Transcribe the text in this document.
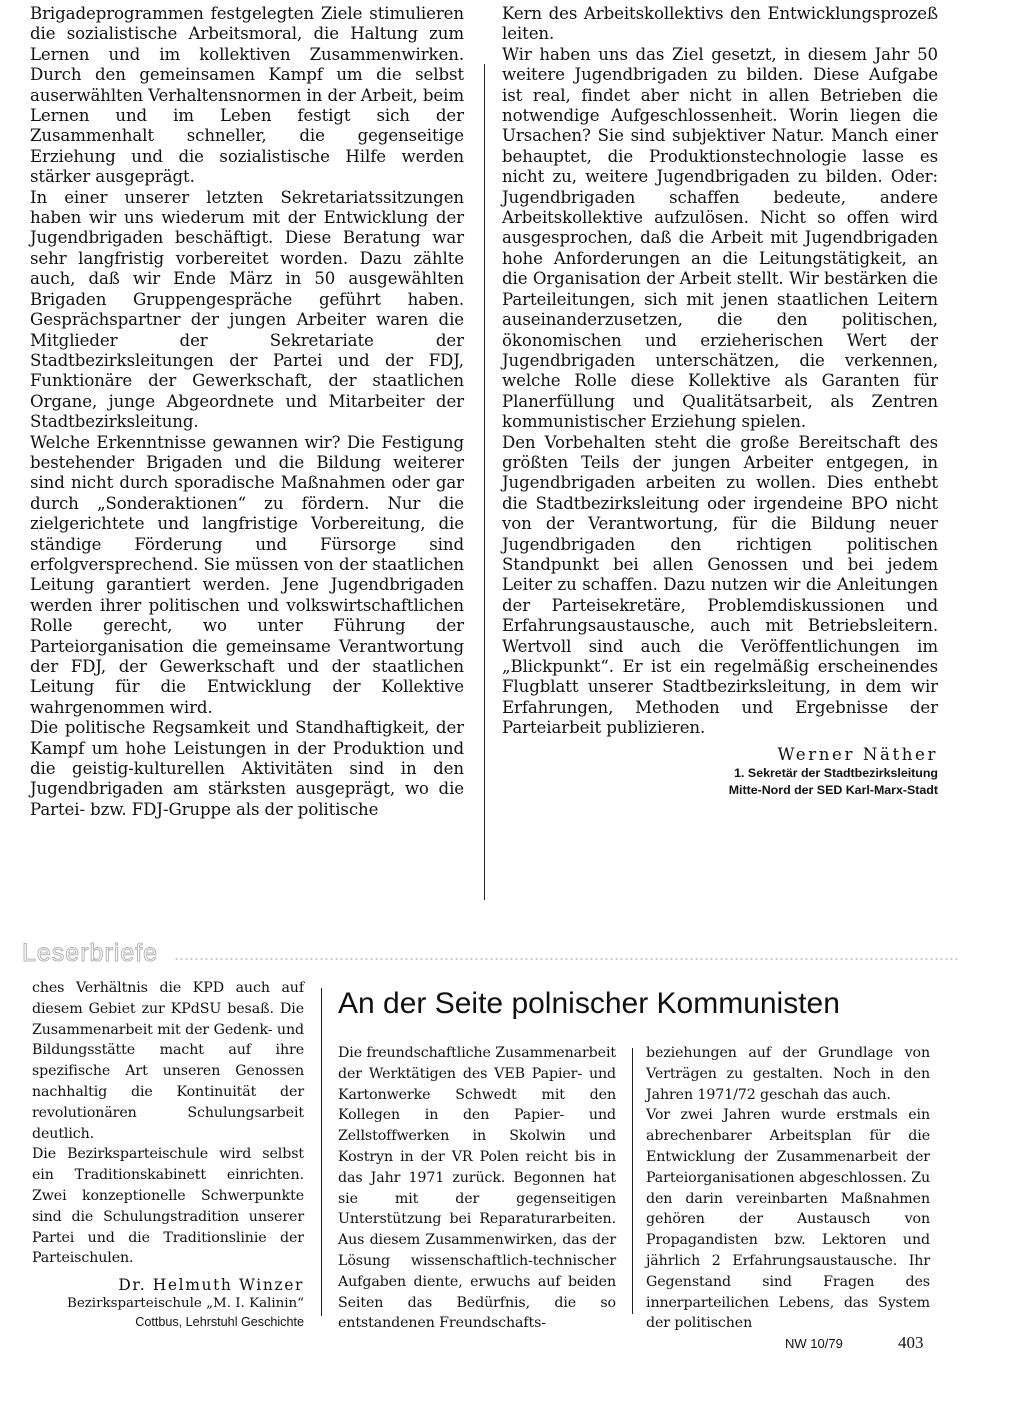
Brigadeprogrammen festgelegten Ziele stimulieren die sozialistische Arbeitsmoral, die Haltung zum Lernen und im kollektiven Zusammenwirken. Durch den gemeinsamen Kampf um die selbst auserwählten Verhaltensnormen in der Arbeit, beim Lernen und im Leben festigt sich der Zusammenhalt schneller, die gegenseitige Erziehung und die sozialistische Hilfe werden stärker ausgeprägt.

In einer unserer letzten Sekretariatssitzungen haben wir uns wiederum mit der Entwicklung der Jugendbrigaden beschäftigt. Diese Beratung war sehr langfristig vorbereitet worden. Dazu zählte auch, daß wir Ende März in 50 ausgewählten Brigaden Gruppengespräche geführt haben. Gesprächspartner der jungen Arbeiter waren die Mitglieder der Sekretariate der Stadtbezirksleitungen der Partei und der FDJ, Funktionäre der Gewerkschaft, der staatlichen Organe, junge Abgeordnete und Mitarbeiter der Stadtbezirksleitung.

Welche Erkenntnisse gewannen wir? Die Festigung bestehender Brigaden und die Bildung weiterer sind nicht durch sporadische Maßnahmen oder gar durch „Sonderaktionen“ zu fördern. Nur die zielgerichtete und langfristige Vorbereitung, die ständige Förderung und Fürsorge sind erfolgversprechend. Sie müssen von der staatlichen Leitung garantiert werden. Jene Jugendbrigaden werden ihrer politischen und volkswirtschaftlichen Rolle gerecht, wo unter Führung der Parteiorganisation die gemeinsame Verantwortung der FDJ, der Gewerkschaft und der staatlichen Leitung für die Entwicklung der Kollektive wahrgenommen wird.

Die politische Regsamkeit und Standhaftigkeit, der Kampf um hohe Leistungen in der Produktion und die geistig-kulturellen Aktivitäten sind in den Jugendbrigaden am stärksten ausgeprägt, wo die Partei- bzw. FDJ-Gruppe als der politische

Kern des Arbeitskollektivs den Entwicklungsprozeß leiten.

Wir haben uns das Ziel gesetzt, in diesem Jahr 50 weitere Jugendbrigaden zu bilden. Diese Aufgabe ist real, findet aber nicht in allen Betrieben die notwendige Aufgeschlossenheit. Worin liegen die Ursachen? Sie sind subjektiver Natur. Manch einer behauptet, die Produktionstechnologie lasse es nicht zu, weitere Jugendbrigaden zu bilden. Oder: Jugendbrigaden schaffen bedeute, andere Arbeitskollektive aufzulösen. Nicht so offen wird ausgesprochen, daß die Arbeit mit Jugendbrigaden hohe Anforderungen an die Leitungstätigkeit, an die Organisation der Arbeit stellt. Wir bestärken die Parteileitungen, sich mit jenen staatlichen Leitern auseinanderzusetzen, die den politischen, ökonomischen und erzieherischen Wert der Jugendbrigaden unterschätzen, die verkennen, welche Rolle diese Kollektive als Garanten für Planerfüllung und Qualitätsarbeit, als Zentren kommunistischer Erziehung spielen.

Den Vorbehalten steht die große Bereitschaft des größten Teils der jungen Arbeiter entgegen, in Jugendbrigaden arbeiten zu wollen. Dies enthebt die Stadtbezirksleitung oder irgendeine BPO nicht von der Verantwortung, für die Bildung neuer Jugendbrigaden den richtigen politischen Standpunkt bei allen Genossen und bei jedem Leiter zu schaffen. Dazu nutzen wir die Anleitungen der Parteisekretäre, Problemdiskussionen und Erfahrungsaustausche, auch mit Betriebsleitern. Wertvoll sind auch die Veröffentlichungen im „Blickpunkt“. Er ist ein regelmäßig erscheinendes Flugblatt unserer Stadtbezirksleitung, in dem wir Erfahrungen, Methoden und Ergebnisse der Parteiarbeit publizieren.

Werner Näther
1. Sekretär der Stadtbezirksleitung
Mitte-Nord der SED Karl-Marx-Stadt
Leserbriefe

ches Verhältnis die KPD auch auf diesem Gebiet zur KPdSU besaß. Die Zusammenarbeit mit der Gedenk- und Bildungsstätte macht auf ihre spezifische Art unseren Genossen nachhaltig die Kontinuität der revolutionären Schulungsarbeit deutlich.

Die Bezirksparteischule wird selbst ein Traditionskabinett einrichten. Zwei konzeptionelle Schwerpunkte sind die Schulungstradition unserer Partei und die Traditionslinie der Parteischulen.

Dr. Helmuth Winzer
Bezirksparteischule „M. I. Kalinin“
Cottbus, Lehrstuhl Geschichte
An der Seite polnischer Kommunisten

Die freundschaftliche Zusammenarbeit der Werktätigen des VEB Papier- und Kartonwerke Schwedt mit den Kollegen in den Papier- und Zellstoffwerken in Skolwin und Kostryn in der VR Polen reicht bis in das Jahr 1971 zurück. Begonnen hat sie mit der gegenseitigen Unterstützung bei Reparaturarbeiten. Aus diesem Zusammenwirken, das der Lösung wissenschaftlich-technischer Aufgaben diente, erwuchs auf beiden Seiten das Bedürfnis, die so entstandenen Freundschafts-

beziehungen auf der Grundlage von Verträgen zu gestalten. Noch in den Jahren 1971/72 geschah das auch.

Vor zwei Jahren wurde erstmals ein abrechenbarer Arbeitsplan für die Entwicklung der Zusammenarbeit der Parteiorganisationen abgeschlossen. Zu den darin vereinbarten Maßnahmen gehören der Austausch von Propagandisten bzw. Lektoren und jährlich 2 Erfahrungsaustausche. Ihr Gegenstand sind Fragen des innerparteilichen Lebens, das System der politischen

NW 10/79	403
